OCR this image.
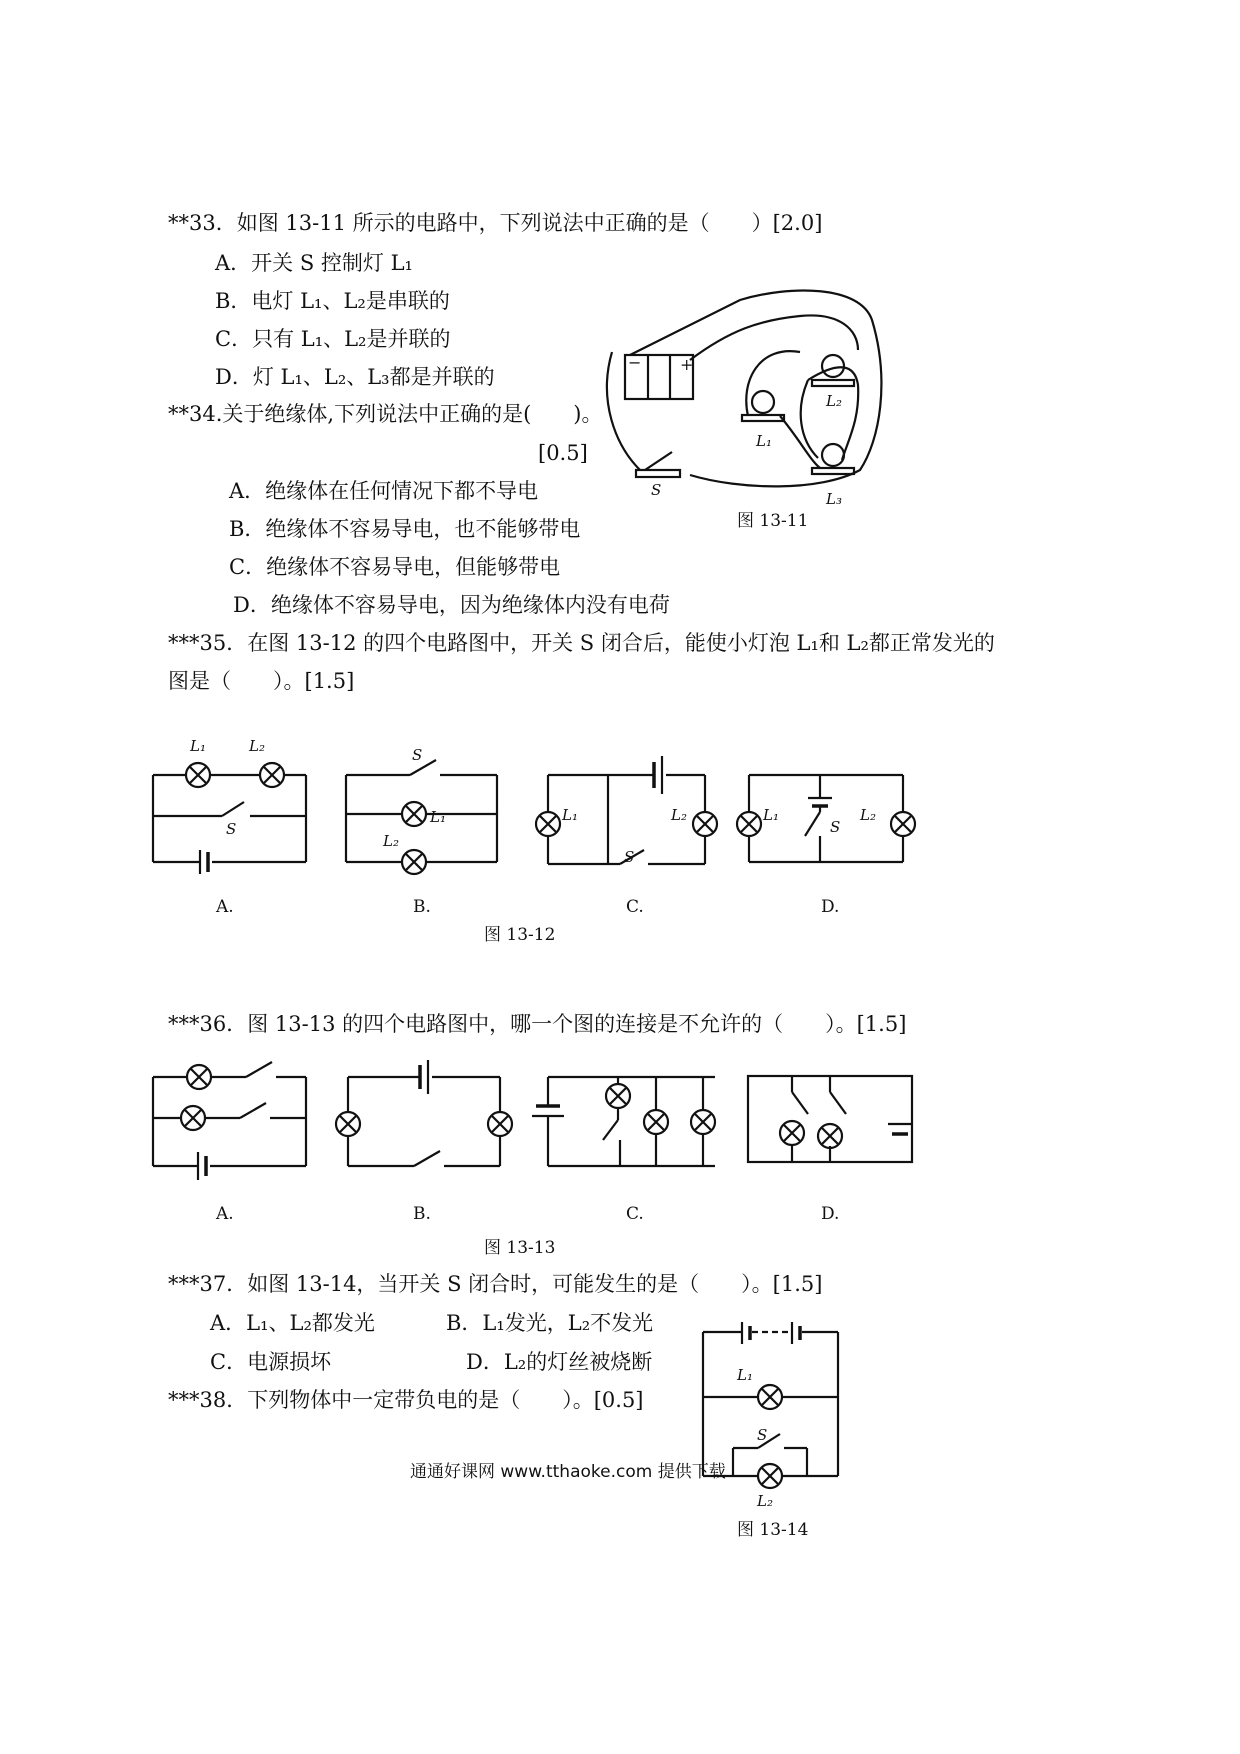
**33．如图 13-11 所示的电路中，下列说法中正确的是（　　）[2.0]
A．开关 S 控制灯 L₁
B．电灯 L₁、L₂是串联的
C．只有 L₁、L₂是并联的
D．灯 L₁、L₂、L₃都是并联的
**34.关于绝缘体,下列说法中正确的是(　　)。
[0.5]
A．绝缘体在任何情况下都不导电
B．绝缘体不容易导电，也不能够带电
C．绝缘体不容易导电，但能够带电
D．绝缘体不容易导电，因为绝缘体内没有电荷
− +
S
L₁
L₂
L₃
图 13-11
***35．在图 13-12 的四个电路图中，开关 S 闭合后，能使小灯泡 L₁和 L₂都正常发光的
图是（　　）。[1.5]
L₁	L₂
S
S
L₁
L₂
L₁	L₂
S
L₁	L₂
S
A.	B.	C.	D.
图 13-12
***36．图 13-13 的四个电路图中，哪一个图的连接是不允许的（　　）。[1.5]
A.	B.	C.	D.
图 13-13
***37．如图 13-14，当开关 S 闭合时，可能发生的是（　　）。[1.5]
A．L₁、L₂都发光	B．L₁发光，L₂不发光
C．电源损坏	D．L₂的灯丝被烧断
***38．下列物体中一定带负电的是（　　）。[0.5]
L₁
S
L₂
图 13-14
通通好课网 www.tthaoke.com 提供下载
